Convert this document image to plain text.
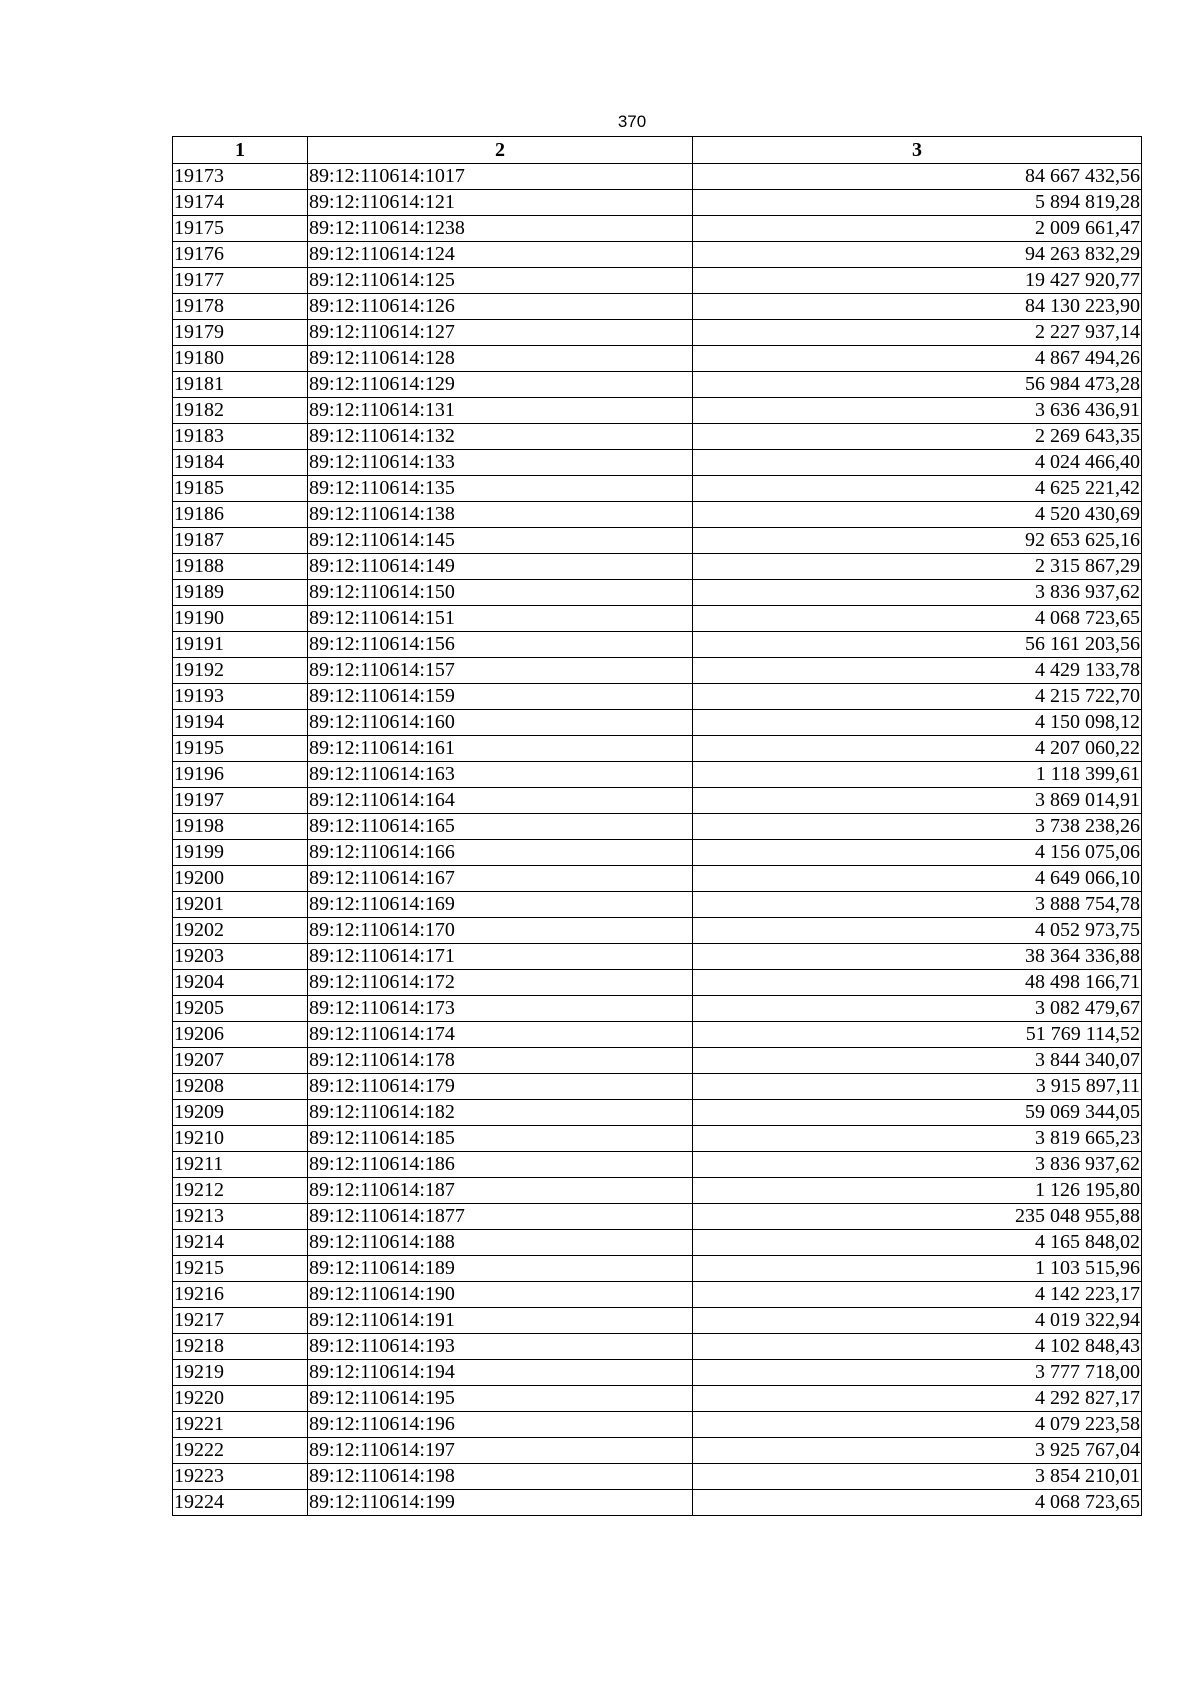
370
1	2	3
19173	89:12:110614:1017	84 667 432,56
19174	89:12:110614:121	5 894 819,28
19175	89:12:110614:1238	2 009 661,47
19176	89:12:110614:124	94 263 832,29
19177	89:12:110614:125	19 427 920,77
19178	89:12:110614:126	84 130 223,90
19179	89:12:110614:127	2 227 937,14
19180	89:12:110614:128	4 867 494,26
19181	89:12:110614:129	56 984 473,28
19182	89:12:110614:131	3 636 436,91
19183	89:12:110614:132	2 269 643,35
19184	89:12:110614:133	4 024 466,40
19185	89:12:110614:135	4 625 221,42
19186	89:12:110614:138	4 520 430,69
19187	89:12:110614:145	92 653 625,16
19188	89:12:110614:149	2 315 867,29
19189	89:12:110614:150	3 836 937,62
19190	89:12:110614:151	4 068 723,65
19191	89:12:110614:156	56 161 203,56
19192	89:12:110614:157	4 429 133,78
19193	89:12:110614:159	4 215 722,70
19194	89:12:110614:160	4 150 098,12
19195	89:12:110614:161	4 207 060,22
19196	89:12:110614:163	1 118 399,61
19197	89:12:110614:164	3 869 014,91
19198	89:12:110614:165	3 738 238,26
19199	89:12:110614:166	4 156 075,06
19200	89:12:110614:167	4 649 066,10
19201	89:12:110614:169	3 888 754,78
19202	89:12:110614:170	4 052 973,75
19203	89:12:110614:171	38 364 336,88
19204	89:12:110614:172	48 498 166,71
19205	89:12:110614:173	3 082 479,67
19206	89:12:110614:174	51 769 114,52
19207	89:12:110614:178	3 844 340,07
19208	89:12:110614:179	3 915 897,11
19209	89:12:110614:182	59 069 344,05
19210	89:12:110614:185	3 819 665,23
19211	89:12:110614:186	3 836 937,62
19212	89:12:110614:187	1 126 195,80
19213	89:12:110614:1877	235 048 955,88
19214	89:12:110614:188	4 165 848,02
19215	89:12:110614:189	1 103 515,96
19216	89:12:110614:190	4 142 223,17
19217	89:12:110614:191	4 019 322,94
19218	89:12:110614:193	4 102 848,43
19219	89:12:110614:194	3 777 718,00
19220	89:12:110614:195	4 292 827,17
19221	89:12:110614:196	4 079 223,58
19222	89:12:110614:197	3 925 767,04
19223	89:12:110614:198	3 854 210,01
19224	89:12:110614:199	4 068 723,65
